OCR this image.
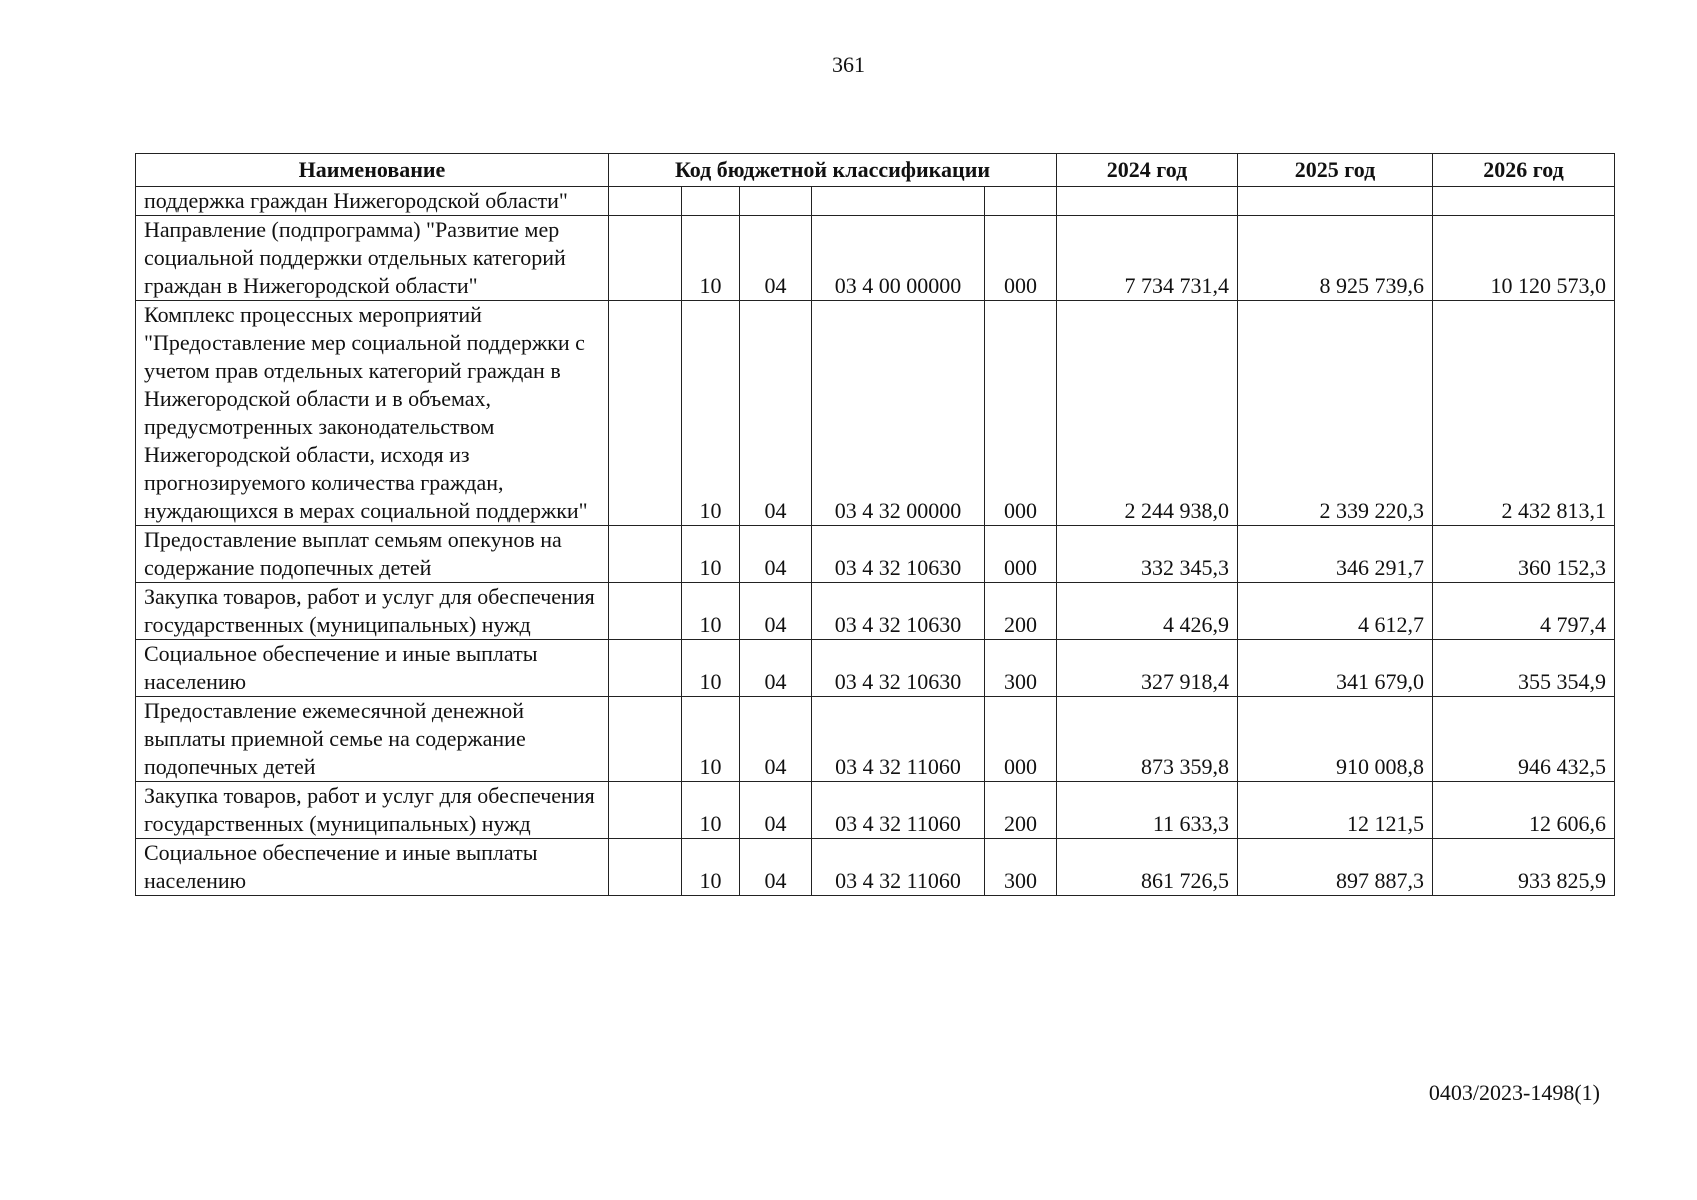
361
Наименование	Код бюджетной классификации					2024 год	2025 год	2026 год
поддержка граждан Нижегородской области"								
Направление (подпрограмма) "Развитие мер социальной поддержки отдельных категорий граждан в Нижегородской области"		10	04	03 4 00 00000	000	7 734 731,4	8 925 739,6	10 120 573,0
Комплекс процессных мероприятий "Предоставление мер социальной поддержки с учетом прав отдельных категорий граждан в Нижегородской области и в объемах, предусмотренных законодательством Нижегородской области, исходя из прогнозируемого количества граждан, нуждающихся в мерах социальной поддержки"		10	04	03 4 32 00000	000	2 244 938,0	2 339 220,3	2 432 813,1
Предоставление выплат семьям опекунов на содержание подопечных детей		10	04	03 4 32 10630	000	332 345,3	346 291,7	360 152,3
Закупка товаров, работ и услуг для обеспечения государственных (муниципальных) нужд		10	04	03 4 32 10630	200	4 426,9	4 612,7	4 797,4
Социальное обеспечение и иные выплаты населению		10	04	03 4 32 10630	300	327 918,4	341 679,0	355 354,9
Предоставление ежемесячной денежной выплаты приемной семье на содержание подопечных детей		10	04	03 4 32 11060	000	873 359,8	910 008,8	946 432,5
Закупка товаров, работ и услуг для обеспечения государственных (муниципальных) нужд		10	04	03 4 32 11060	200	11 633,3	12 121,5	12 606,6
Социальное обеспечение и иные выплаты населению		10	04	03 4 32 11060	300	861 726,5	897 887,3	933 825,9
0403/2023-1498(1)
